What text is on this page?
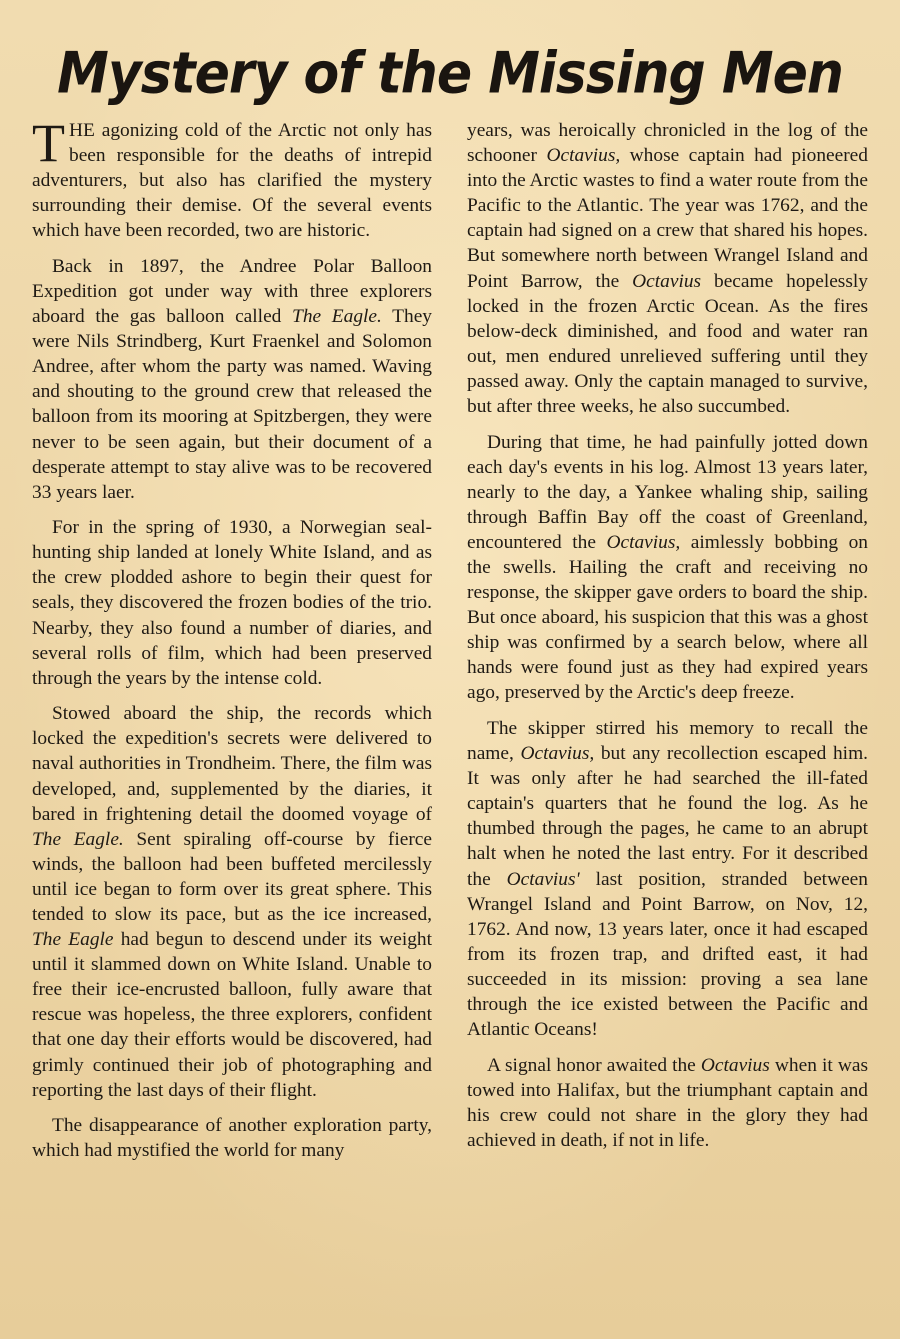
Mystery of the Missing Men

THE agonizing cold of the Arctic not only has been responsible for the deaths of intrepid adventurers, but also has clarified the mystery surrounding their demise. Of the several events which have been recorded, two are historic.

Back in 1897, the Andree Polar Balloon Expedition got under way with three explorers aboard the gas balloon called The Eagle. They were Nils Strindberg, Kurt Fraenkel and Solomon Andree, after whom the party was named. Waving and shouting to the ground crew that released the balloon from its mooring at Spitzbergen, they were never to be seen again, but their document of a desperate attempt to stay alive was to be recovered 33 years laer.

For in the spring of 1930, a Norwegian seal-hunting ship landed at lonely White Island, and as the crew plodded ashore to begin their quest for seals, they discovered the frozen bodies of the trio. Nearby, they also found a number of diaries, and several rolls of film, which had been preserved through the years by the intense cold.

Stowed aboard the ship, the records which locked the expedition's secrets were delivered to naval authorities in Trondheim. There, the film was developed, and, supplemented by the diaries, it bared in frightening detail the doomed voyage of The Eagle. Sent spiraling off-course by fierce winds, the balloon had been buffeted mercilessly until ice began to form over its great sphere. This tended to slow its pace, but as the ice increased, The Eagle had begun to descend under its weight until it slammed down on White Island. Unable to free their ice-encrusted balloon, fully aware that rescue was hopeless, the three explorers, confident that one day their efforts would be discovered, had grimly continued their job of photographing and reporting the last days of their flight.

The disappearance of another exploration party, which had mystified the world for many

years, was heroically chronicled in the log of the schooner Octavius, whose captain had pioneered into the Arctic wastes to find a water route from the Pacific to the Atlantic. The year was 1762, and the captain had signed on a crew that shared his hopes. But somewhere north between Wrangel Island and Point Barrow, the Octavius became hopelessly locked in the frozen Arctic Ocean. As the fires below-deck diminished, and food and water ran out, men endured unrelieved suffering until they passed away. Only the captain managed to survive, but after three weeks, he also succumbed.

During that time, he had painfully jotted down each day's events in his log. Almost 13 years later, nearly to the day, a Yankee whaling ship, sailing through Baffin Bay off the coast of Greenland, encountered the Octavius, aimlessly bobbing on the swells. Hailing the craft and receiving no response, the skipper gave orders to board the ship. But once aboard, his suspicion that this was a ghost ship was confirmed by a search below, where all hands were found just as they had expired years ago, preserved by the Arctic's deep freeze.

The skipper stirred his memory to recall the name, Octavius, but any recollection escaped him. It was only after he had searched the ill-fated captain's quarters that he found the log. As he thumbed through the pages, he came to an abrupt halt when he noted the last entry. For it described the Octavius' last position, stranded between Wrangel Island and Point Barrow, on Nov, 12, 1762. And now, 13 years later, once it had escaped from its frozen trap, and drifted east, it had succeeded in its mission: proving a sea lane through the ice existed between the Pacific and Atlantic Oceans!

A signal honor awaited the Octavius when it was towed into Halifax, but the triumphant captain and his crew could not share in the glory they had achieved in death, if not in life.
